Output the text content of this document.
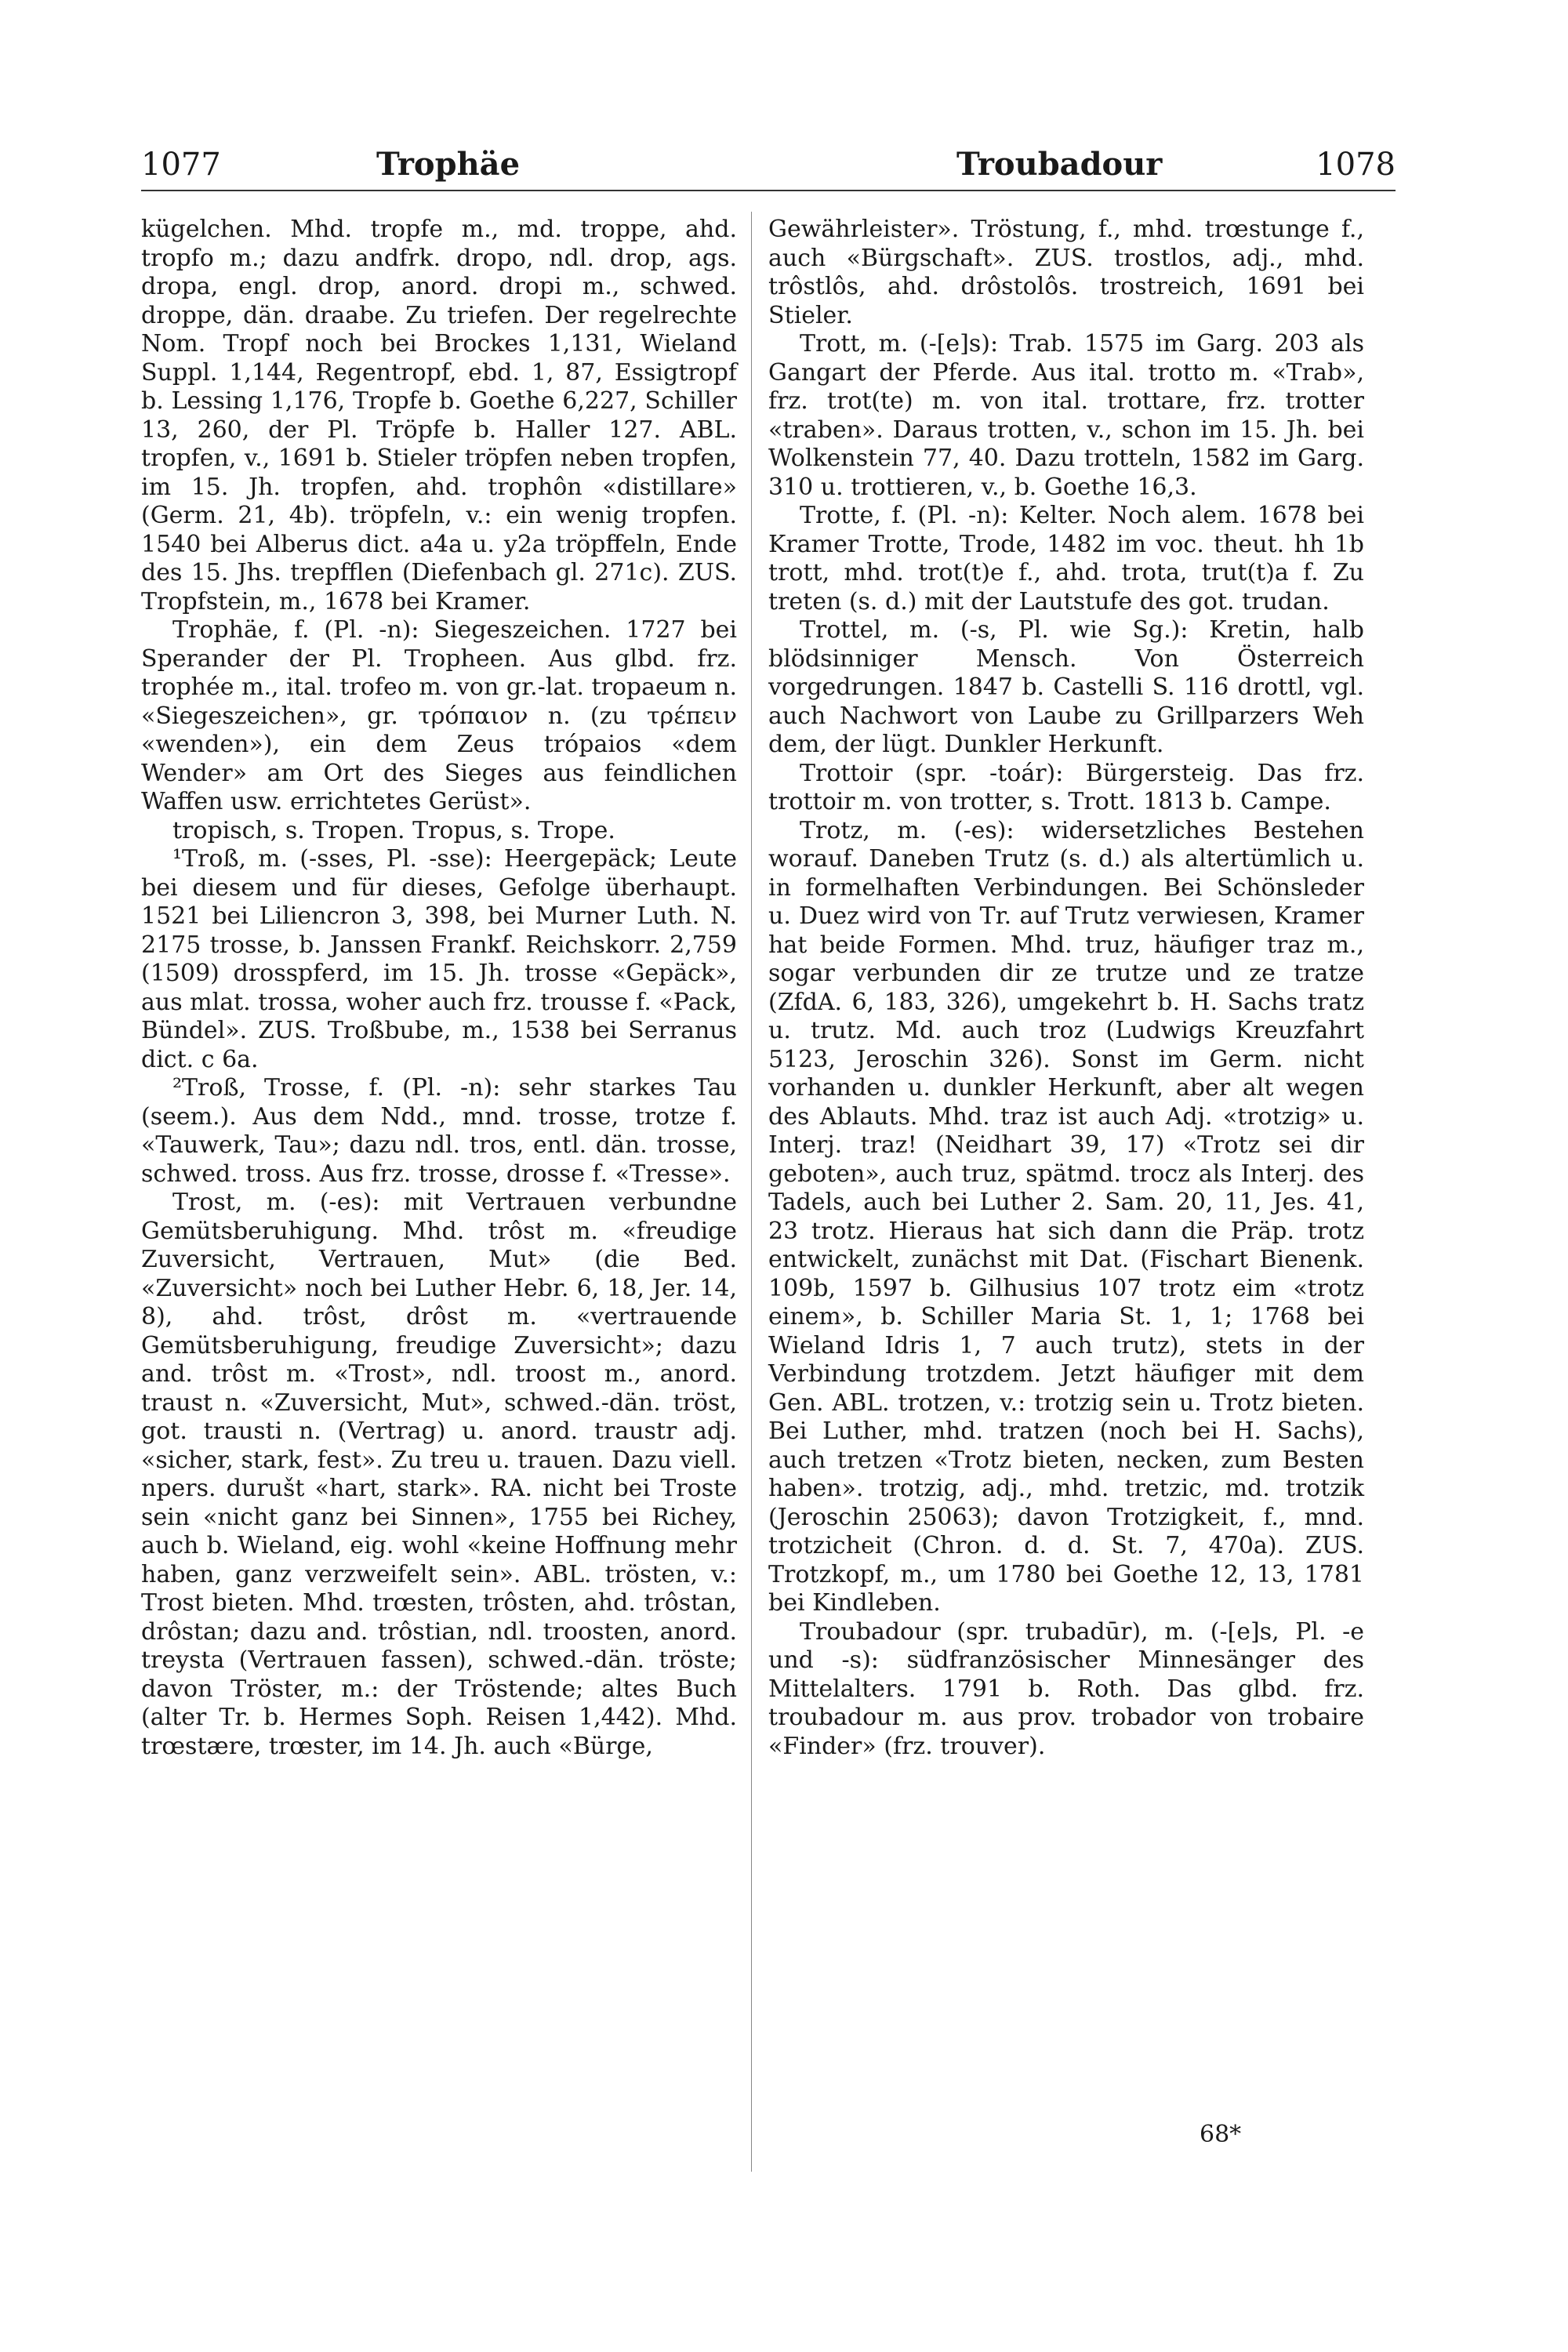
1077	Trophäe	Troubadour	1078

kügelchen. Mhd. tropfe m., md. troppe, ahd. tropfo m.; dazu andfrk. dropo, ndl. drop, ags. dropa, engl. drop, anord. dropi m., schwed. droppe, dän. draabe. Zu triefen. Der regelrechte Nom. Tropf noch bei Brockes 1,131, Wieland Suppl. 1,144, Regentropf, ebd. 1, 87, Essigtropf b. Lessing 1,176, Tropfe b. Goethe 6,227, Schiller 13, 260, der Pl. Tröpfe b. Haller 127. ABL. tropfen, v., 1691 b. Stieler tröpfen neben tropfen, im 15. Jh. tropfen, ahd. trophôn «distillare» (Germ. 21, 4b). tröpfeln, v.: ein wenig tropfen. 1540 bei Alberus dict. a4a u. y2a tröpffeln, Ende des 15. Jhs. trepfflen (Diefenbach gl. 271c). ZUS. Tropfstein, m., 1678 bei Kramer.

Trophäe, f. (Pl. -n): Siegeszeichen. 1727 bei Sperander der Pl. Tropheen. Aus glbd. frz. trophée m., ital. trofeo m. von gr.-lat. tropaeum n. «Siegeszeichen», gr. τρόπαιον n. (zu τρέπειν «wenden»), ein dem Zeus trópaios «dem Wender» am Ort des Sieges aus feindlichen Waffen usw. errichtetes Gerüst».

tropisch, s. Tropen. Tropus, s. Trope.

¹Troß, m. (-sses, Pl. -sse): Heergepäck; Leute bei diesem und für dieses, Gefolge überhaupt. 1521 bei Liliencron 3, 398, bei Murner Luth. N. 2175 trosse, b. Janssen Frankf. Reichskorr. 2,759 (1509) drosspferd, im 15. Jh. trosse «Gepäck», aus mlat. trossa, woher auch frz. trousse f. «Pack, Bündel». ZUS. Troßbube, m., 1538 bei Serranus dict. c 6a.

²Troß, Trosse, f. (Pl. -n): sehr starkes Tau (seem.). Aus dem Ndd., mnd. trosse, trotze f. «Tauwerk, Tau»; dazu ndl. tros, entl. dän. trosse, schwed. tross. Aus frz. trosse, drosse f. «Tresse».

Trost, m. (-es): mit Vertrauen verbundne Gemütsberuhigung. Mhd. trôst m. «freudige Zuversicht, Vertrauen, Mut» (die Bed. «Zuversicht» noch bei Luther Hebr. 6, 18, Jer. 14, 8), ahd. trôst, drôst m. «vertrauende Gemütsberuhigung, freudige Zuversicht»; dazu and. trôst m. «Trost», ndl. troost m., anord. traust n. «Zuversicht, Mut», schwed.-dän. tröst, got. trausti n. (Vertrag) u. anord. traustr adj. «sicher, stark, fest». Zu treu u. trauen. Dazu viell. npers. durušt «hart, stark». RA. nicht bei Troste sein «nicht ganz bei Sinnen», 1755 bei Richey, auch b. Wieland, eig. wohl «keine Hoffnung mehr haben, ganz verzweifelt sein». ABL. trösten, v.: Trost bieten. Mhd. trœsten, trôsten, ahd. trôstan, drôstan; dazu and. trôstian, ndl. troosten, anord. treysta (Vertrauen fassen), schwed.-dän. tröste; davon Tröster, m.: der Tröstende; altes Buch (alter Tr. b. Hermes Soph. Reisen 1,442). Mhd. trœstære, trœster, im 14. Jh. auch «Bürge,

Gewährleister». Tröstung, f., mhd. trœstunge f., auch «Bürgschaft». ZUS. trostlos, adj., mhd. trôstlôs, ahd. drôstolôs. trostreich, 1691 bei Stieler.

Trott, m. (-[e]s): Trab. 1575 im Garg. 203 als Gangart der Pferde. Aus ital. trotto m. «Trab», frz. trot(te) m. von ital. trottare, frz. trotter «traben». Daraus trotten, v., schon im 15. Jh. bei Wolkenstein 77, 40. Dazu trotteln, 1582 im Garg. 310 u. trottieren, v., b. Goethe 16,3.

Trotte, f. (Pl. -n): Kelter. Noch alem. 1678 bei Kramer Trotte, Trode, 1482 im voc. theut. hh 1b trott, mhd. trot(t)e f., ahd. trota, trut(t)a f. Zu treten (s. d.) mit der Lautstufe des got. trudan.

Trottel, m. (-s, Pl. wie Sg.): Kretin, halb blödsinniger Mensch. Von Österreich vorgedrungen. 1847 b. Castelli S. 116 drottl, vgl. auch Nachwort von Laube zu Grillparzers Weh dem, der lügt. Dunkler Herkunft.

Trottoir (spr. -toár): Bürgersteig. Das frz. trottoir m. von trotter, s. Trott. 1813 b. Campe.

Trotz, m. (-es): widersetzliches Bestehen worauf. Daneben Trutz (s. d.) als altertümlich u. in formelhaften Verbindungen. Bei Schönsleder u. Duez wird von Tr. auf Trutz verwiesen, Kramer hat beide Formen. Mhd. truz, häufiger traz m., sogar verbunden dir ze trutze und ze tratze (ZfdA. 6, 183, 326), umgekehrt b. H. Sachs tratz u. trutz. Md. auch troz (Ludwigs Kreuzfahrt 5123, Jeroschin 326). Sonst im Germ. nicht vorhanden u. dunkler Herkunft, aber alt wegen des Ablauts. Mhd. traz ist auch Adj. «trotzig» u. Interj. traz! (Neidhart 39, 17) «Trotz sei dir geboten», auch truz, spätmd. trocz als Interj. des Tadels, auch bei Luther 2. Sam. 20, 11, Jes. 41, 23 trotz. Hieraus hat sich dann die Präp. trotz entwickelt, zunächst mit Dat. (Fischart Bienenk. 109b, 1597 b. Gilhusius 107 trotz eim «trotz einem», b. Schiller Maria St. 1, 1; 1768 bei Wieland Idris 1, 7 auch trutz), stets in der Verbindung trotzdem. Jetzt häufiger mit dem Gen. ABL. trotzen, v.: trotzig sein u. Trotz bieten. Bei Luther, mhd. tratzen (noch bei H. Sachs), auch tretzen «Trotz bieten, necken, zum Besten haben». trotzig, adj., mhd. tretzic, md. trotzik (Jeroschin 25063); davon Trotzigkeit, f., mnd. trotzicheit (Chron. d. d. St. 7, 470a). ZUS. Trotzkopf, m., um 1780 bei Goethe 12, 13, 1781 bei Kindleben.

Troubadour (spr. trubadūr), m. (-[e]s, Pl. -e und -s): südfranzösischer Minnesänger des Mittelalters. 1791 b. Roth. Das glbd. frz. troubadour m. aus prov. trobador von trobaire «Finder» (frz. trouver).

68*
